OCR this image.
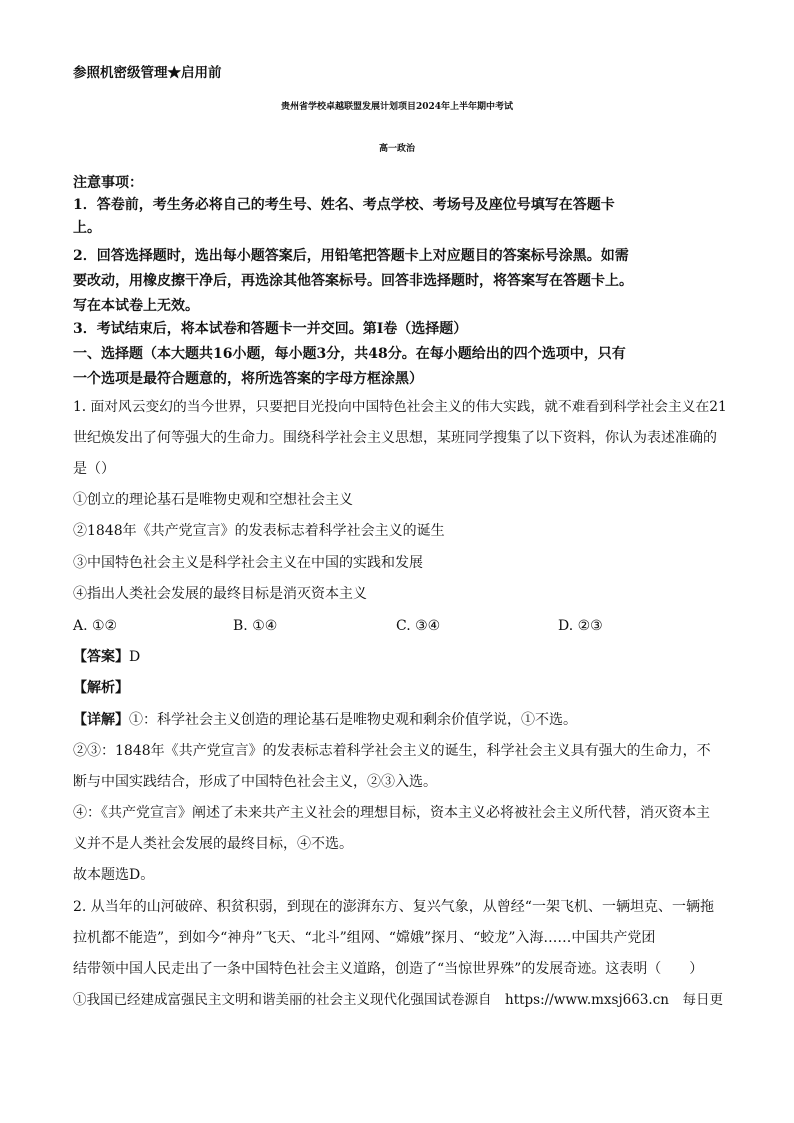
参照机密级管理★启用前
贵州省学校卓越联盟发展计划项目2024年上半年期中考试
高一政治
注意事项：
1．答卷前，考生务必将自己的考生号、姓名、考点学校、考场号及座位号填写在答题卡
上。
2．回答选择题时，选出每小题答案后，用铅笔把答题卡上对应题目的答案标号涂黑。如需
要改动，用橡皮擦干净后，再选涂其他答案标号。回答非选择题时，将答案写在答题卡上。
写在本试卷上无效。
3．考试结束后，将本试卷和答题卡一并交回。第Ⅰ卷（选择题）
一、选择题（本大题共16小题，每小题3分，共48分。在每小题给出的四个选项中，只有
一个选项是最符合题意的，将所选答案的字母方框涂黑）
1. 面对风云变幻的当今世界，只要把目光投向中国特色社会主义的伟大实践，就不难看到科学社会主义在21
世纪焕发出了何等强大的生命力。围绕科学社会主义思想，某班同学搜集了以下资料，你认为表述准确的
是（）
①创立的理论基石是唯物史观和空想社会主义
②1848年《共产党宣言》的发表标志着科学社会主义的诞生
③中国特色社会主义是科学社会主义在中国的实践和发展
④指出人类社会发展的最终目标是消灭资本主义
A. ①②	B. ①④	C. ③④	D. ②③
【答案】D
【解析】
【详解】①：科学社会主义创造的理论基石是唯物史观和剩余价值学说，①不选。
②③：1848年《共产党宣言》的发表标志着科学社会主义的诞生，科学社会主义具有强大的生命力，不
断与中国实践结合，形成了中国特色社会主义，②③入选。
④：《共产党宣言》阐述了未来共产主义社会的理想目标，资本主义必将被社会主义所代替，消灭资本主
义并不是人类社会发展的最终目标，④不选。
故本题选D。
2. 从当年的山河破碎、积贫积弱，到现在的澎湃东方、复兴气象，从曾经“一架飞机、一辆坦克、一辆拖
拉机都不能造”，到如今“神舟”飞天、“北斗”组网、“嫦娥”探月、“蛟龙”入海……中国共产党团
结带领中国人民走出了一条中国特色社会主义道路，创造了“当惊世界殊”的发展奇迹。这表明（　　）
①我国已经建成富强民主文明和谐美丽的社会主义现代化强国试卷源自　https://www.mxsj663.cn　每日更
